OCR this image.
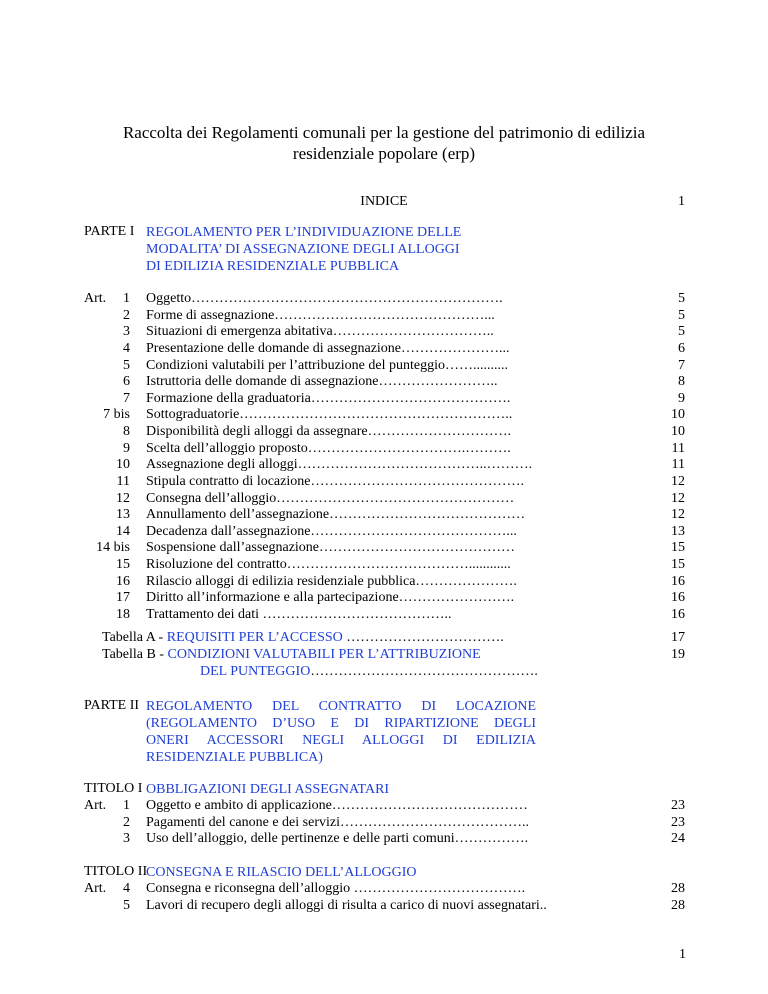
Raccolta dei Regolamenti comunali per la gestione del patrimonio di edilizia
residenziale popolare (erp)
INDICE	1
PARTE I REGOLAMENTO PER L’INDIVIDUAZIONE DELLE
MODALITA’ DI ASSEGNAZIONE DEGLI ALLOGGI
DI EDILIZIA RESIDENZIALE PUBBLICA
Art.	1 Oggetto………………………………………………………….	5
2 Forme di assegnazione………………………………………...	5
3 Situazioni di emergenza abitativa……………………………..	5
4 Presentazione delle domande di assegnazione…………………...	6
5 Condizioni valutabili per l’attribuzione del punteggio……..........	7
6 Istruttoria delle domande di assegnazione……………………..	8
7 Formazione della graduatoria…………………………………….	9
7 bis Sottograduatorie…………………………………………………..	10
8 Disponibilità degli alloggi da assegnare………………………….	10
9 Scelta dell’alloggio proposto…………………………….……….	11
10 Assegnazione degli alloggi…………………………………..……….	11
11 Stipula contratto di locazione……………………………………….	12
12 Consegna dell’alloggio……………………………………………	12
13 Annullamento dell’assegnazione……………………………………	12
14 Decadenza dall’assegnazione……………………………………...	13
14 bis Sospensione dall’assegnazione……………………………………	15
15 Risoluzione del contratto…………………………………............	15
16 Rilascio alloggi di edilizia residenziale pubblica………………….	16
17 Diritto all’informazione e alla partecipazione…………………….	16
18 Trattamento dei dati …………………………………..	16
Tabella A - REQUISITI PER L’ACCESSO …………………………….	17
Tabella B - CONDIZIONI VALUTABILI PER L’ATTRIBUZIONE	19
DEL PUNTEGGIO………………………………………….
PARTE II REGOLAMENTO DEL CONTRATTO DI LOCAZIONE
(REGOLAMENTO D’USO E DI RIPARTIZIONE DEGLI
ONERI ACCESSORI NEGLI ALLOGGI DI EDILIZIA
RESIDENZIALE PUBBLICA)
TITOLO I OBBLIGAZIONI DEGLI ASSEGNATARI
Art.	1 Oggetto e ambito di applicazione……………………………………	23
2 Pagamenti del canone e dei servizi…………………………………..	23
3 Uso dell’alloggio, delle pertinenze e delle parti comuni…………….	24
TITOLO II
CONSEGNA E RILASCIO DELL’ALLOGGIO
Art.	4 Consegna e riconsegna dell’alloggio ……………………………….	28
5 Lavori di recupero degli alloggi di risulta a carico di nuovi assegnatari..	28
1
